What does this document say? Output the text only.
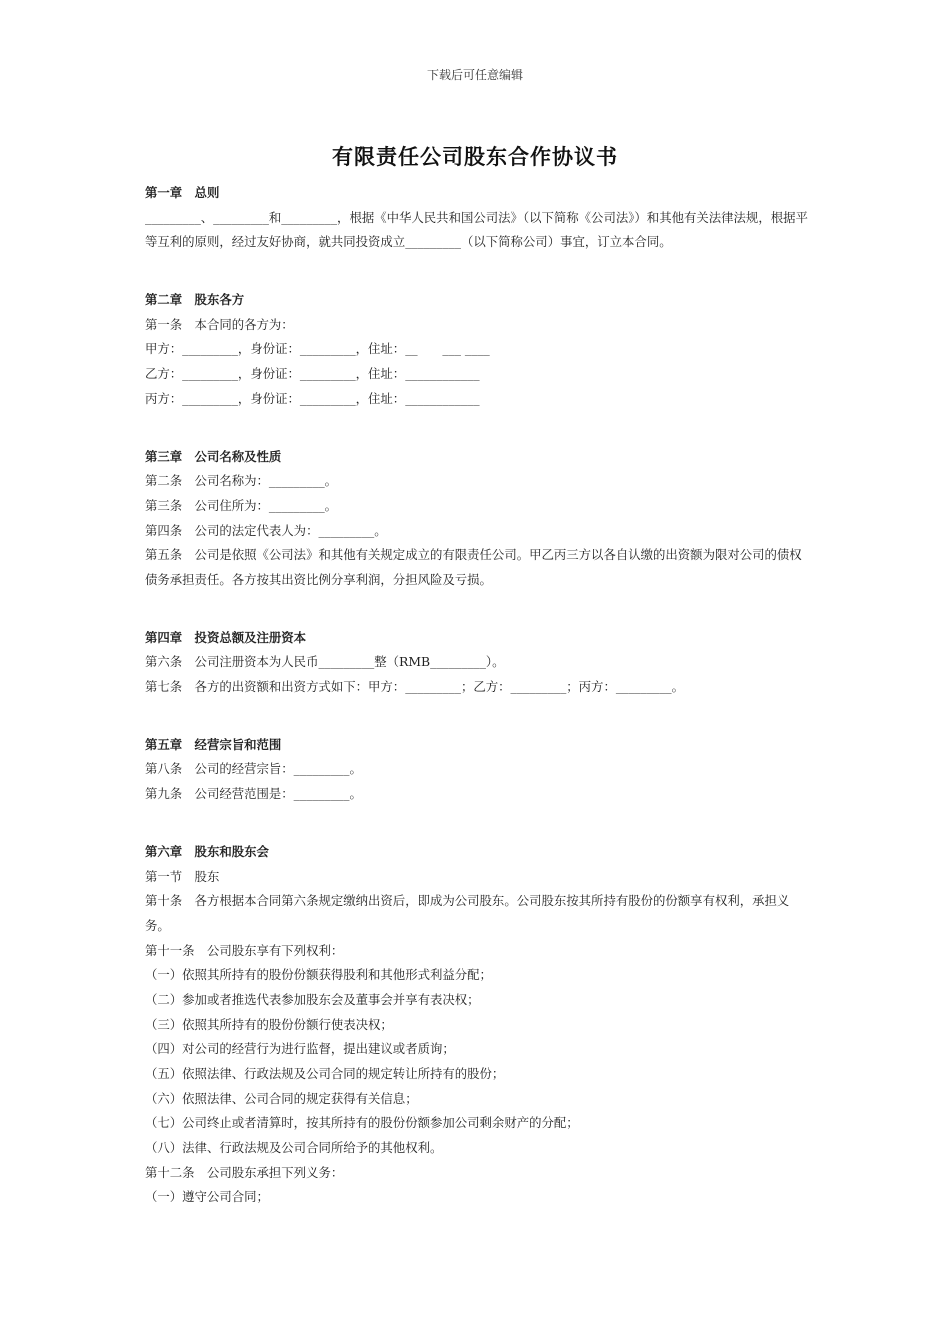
下载后可任意编辑
有限责任公司股东合作协议书
第一章　总则
_________、_________和_________，根据《中华人民共和国公司法》（以下简称《公司法》）和其他有关法律法规，根据平等互利的原则，经过友好协商，就共同投资成立_________（以下简称公司）事宜，订立本合同。
第二章　股东各方
第一条　本合同的各方为：
甲方：_________，身份证：_________，住址：__　　___ ____
乙方：_________，身份证：_________，住址：____________
丙方：_________，身份证：_________，住址：____________
第三章　公司名称及性质
第二条　公司名称为：_________。
第三条　公司住所为：_________。
第四条　公司的法定代表人为：_________。
第五条　公司是依照《公司法》和其他有关规定成立的有限责任公司。甲乙丙三方以各自认缴的出资额为限对公司的债权债务承担责任。各方按其出资比例分享利润，分担风险及亏损。
第四章　投资总额及注册资本
第六条　公司注册资本为人民币_________整（RMB_________）。
第七条　各方的出资额和出资方式如下：甲方：_________；乙方：_________；丙方：_________。
第五章　经营宗旨和范围
第八条　公司的经营宗旨：_________。
第九条　公司经营范围是：_________。
第六章　股东和股东会
第一节　股东
第十条　各方根据本合同第六条规定缴纳出资后，即成为公司股东。公司股东按其所持有股份的份额享有权利，承担义务。
第十一条　公司股东享有下列权利：
（一）依照其所持有的股份份额获得股利和其他形式利益分配；
（二）参加或者推选代表参加股东会及董事会并享有表决权；
（三）依照其所持有的股份份额行使表决权；
（四）对公司的经营行为进行监督，提出建议或者质询；
（五）依照法律、行政法规及公司合同的规定转让所持有的股份；
（六）依照法律、公司合同的规定获得有关信息；
（七）公司终止或者清算时，按其所持有的股份份额参加公司剩余财产的分配；
（八）法律、行政法规及公司合同所给予的其他权利。
第十二条　公司股东承担下列义务：
（一）遵守公司合同；
